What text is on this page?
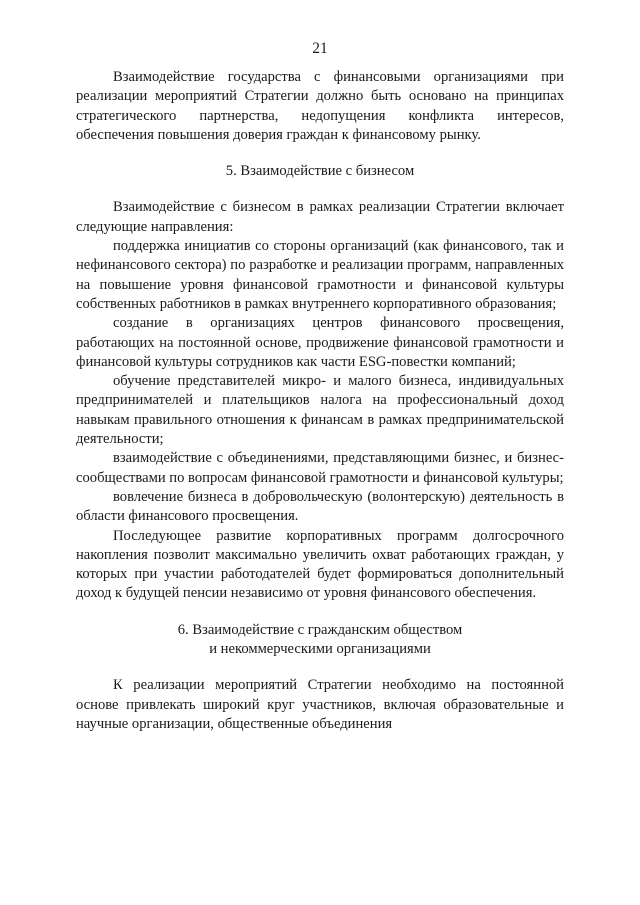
21

Взаимодействие государства с финансовыми организациями при реализации мероприятий Стратегии должно быть основано на принципах стратегического партнерства, недопущения конфликта интересов, обеспечения повышения доверия граждан к финансовому рынку.

5. Взаимодействие с бизнесом

Взаимодействие с бизнесом в рамках реализации Стратегии включает следующие направления:

поддержка инициатив со стороны организаций (как финансового, так и нефинансового сектора) по разработке и реализации программ, направленных на повышение уровня финансовой грамотности и финансовой культуры собственных работников в рамках внутреннего корпоративного образования;

создание в организациях центров финансового просвещения, работающих на постоянной основе, продвижение финансовой грамотности и финансовой культуры сотрудников как части ESG-повестки компаний;

обучение представителей микро- и малого бизнеса, индивидуальных предпринимателей и плательщиков налога на профессиональный доход навыкам правильного отношения к финансам в рамках предпринимательской деятельности;

взаимодействие с объединениями, представляющими бизнес, и бизнес-сообществами по вопросам финансовой грамотности и финансовой культуры;

вовлечение бизнеса в добровольческую (волонтерскую) деятельность в области финансового просвещения.

Последующее развитие корпоративных программ долгосрочного накопления позволит максимально увеличить охват работающих граждан, у которых при участии работодателей будет формироваться дополнительный доход к будущей пенсии независимо от уровня финансового обеспечения.

6. Взаимодействие с гражданским обществом

и некоммерческими организациями

К реализации мероприятий Стратегии необходимо на постоянной основе привлекать широкий круг участников, включая образовательные и научные организации, общественные объединения
